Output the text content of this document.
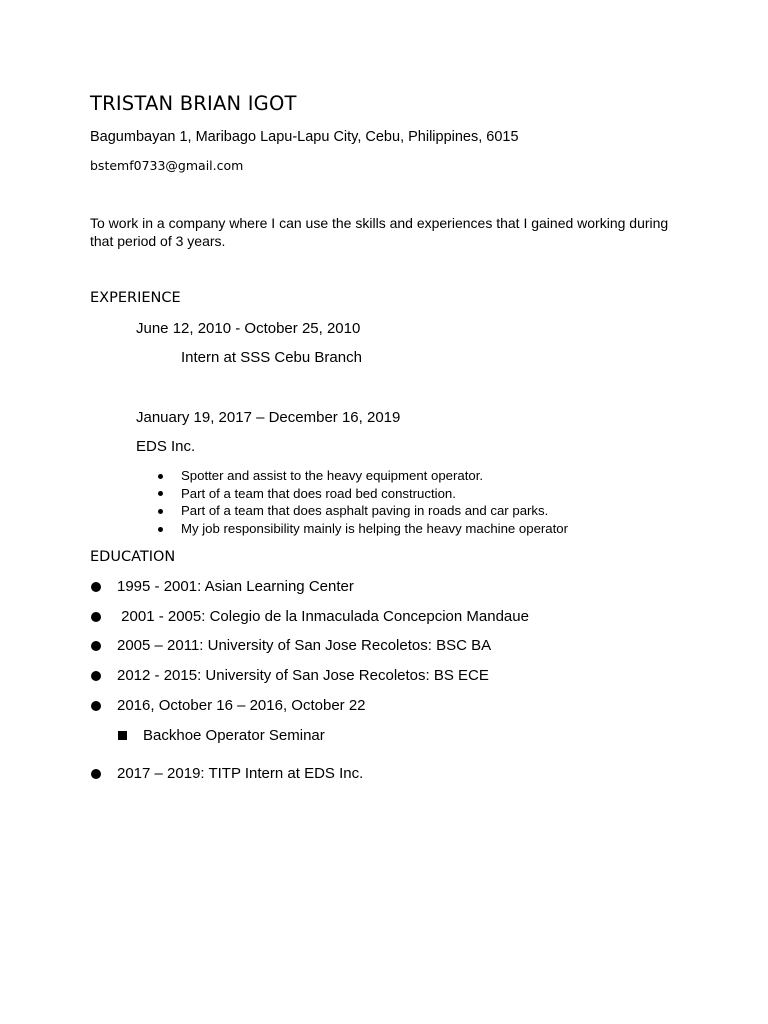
TRISTAN BRIAN IGOT
Bagumbayan 1, Maribago Lapu-Lapu City, Cebu, Philippines, 6015
bstemf0733@gmail.com
To work in a company where I can use the skills and experiences that I gained working during that period of 3 years.
EXPERIENCE
June 12, 2010 - October 25, 2010
Intern at SSS Cebu Branch
January 19, 2017 – December 16, 2019
EDS Inc.
Spotter and assist to the heavy equipment operator.
Part of a team that does road bed construction.
Part of a team that does asphalt paving in roads and car parks.
My job responsibility mainly is helping the heavy machine operator
EDUCATION
1995 - 2001: Asian Learning Center
2001 - 2005: Colegio de la Inmaculada Concepcion Mandaue
2005 – 2011: University of San Jose Recoletos: BSC BA
2012 - 2015: University of San Jose Recoletos: BS ECE
2016, October 16 – 2016, October 22
Backhoe Operator Seminar
2017 – 2019: TITP Intern at EDS Inc.
